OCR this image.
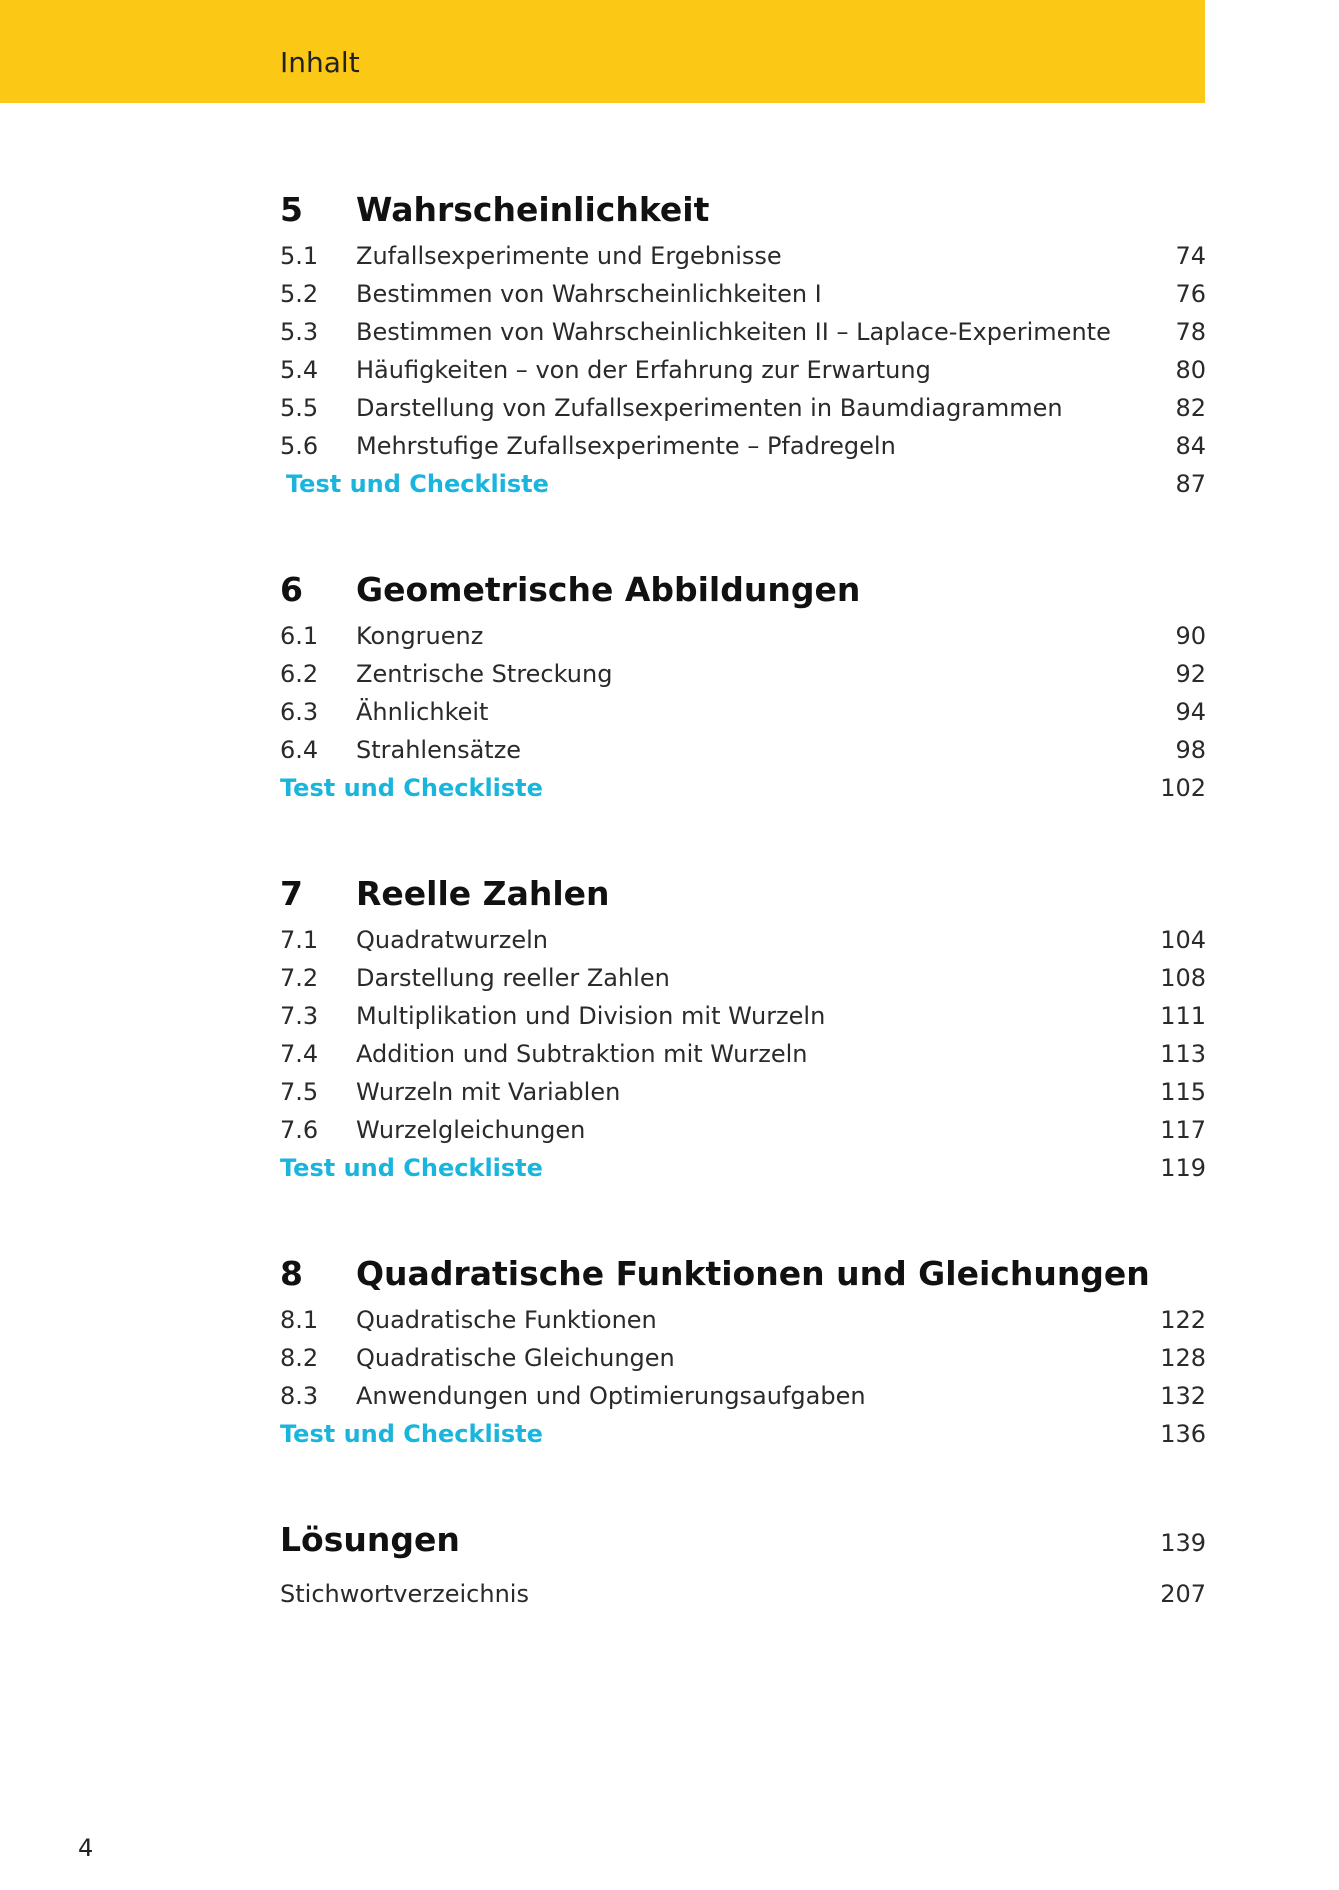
Inhalt
5	Wahrscheinlichkeit
5.1	Zufallsexperimente und Ergebnisse	74
5.2	Bestimmen von Wahrscheinlichkeiten I	76
5.3	Bestimmen von Wahrscheinlichkeiten II – Laplace-Experimente	78
5.4	Häufigkeiten – von der Erfahrung zur Erwartung	80
5.5	Darstellung von Zufallsexperimenten in Baumdiagrammen	82
5.6	Mehrstufige Zufallsexperimente – Pfadregeln	84
Test und Checkliste	87
6	Geometrische Abbildungen
6.1	Kongruenz	90
6.2	Zentrische Streckung	92
6.3	Ähnlichkeit	94
6.4	Strahlensätze	98
Test und Checkliste	102
7	Reelle Zahlen
7.1	Quadratwurzeln	104
7.2	Darstellung reeller Zahlen	108
7.3	Multiplikation und Division mit Wurzeln	111
7.4	Addition und Subtraktion mit Wurzeln	113
7.5	Wurzeln mit Variablen	115
7.6	Wurzelgleichungen	117
Test und Checkliste	119
8	Quadratische Funktionen und Gleichungen
8.1	Quadratische Funktionen	122
8.2	Quadratische Gleichungen	128
8.3	Anwendungen und Optimierungsaufgaben	132
Test und Checkliste	136
Lösungen	139
Stichwortverzeichnis	207
4
